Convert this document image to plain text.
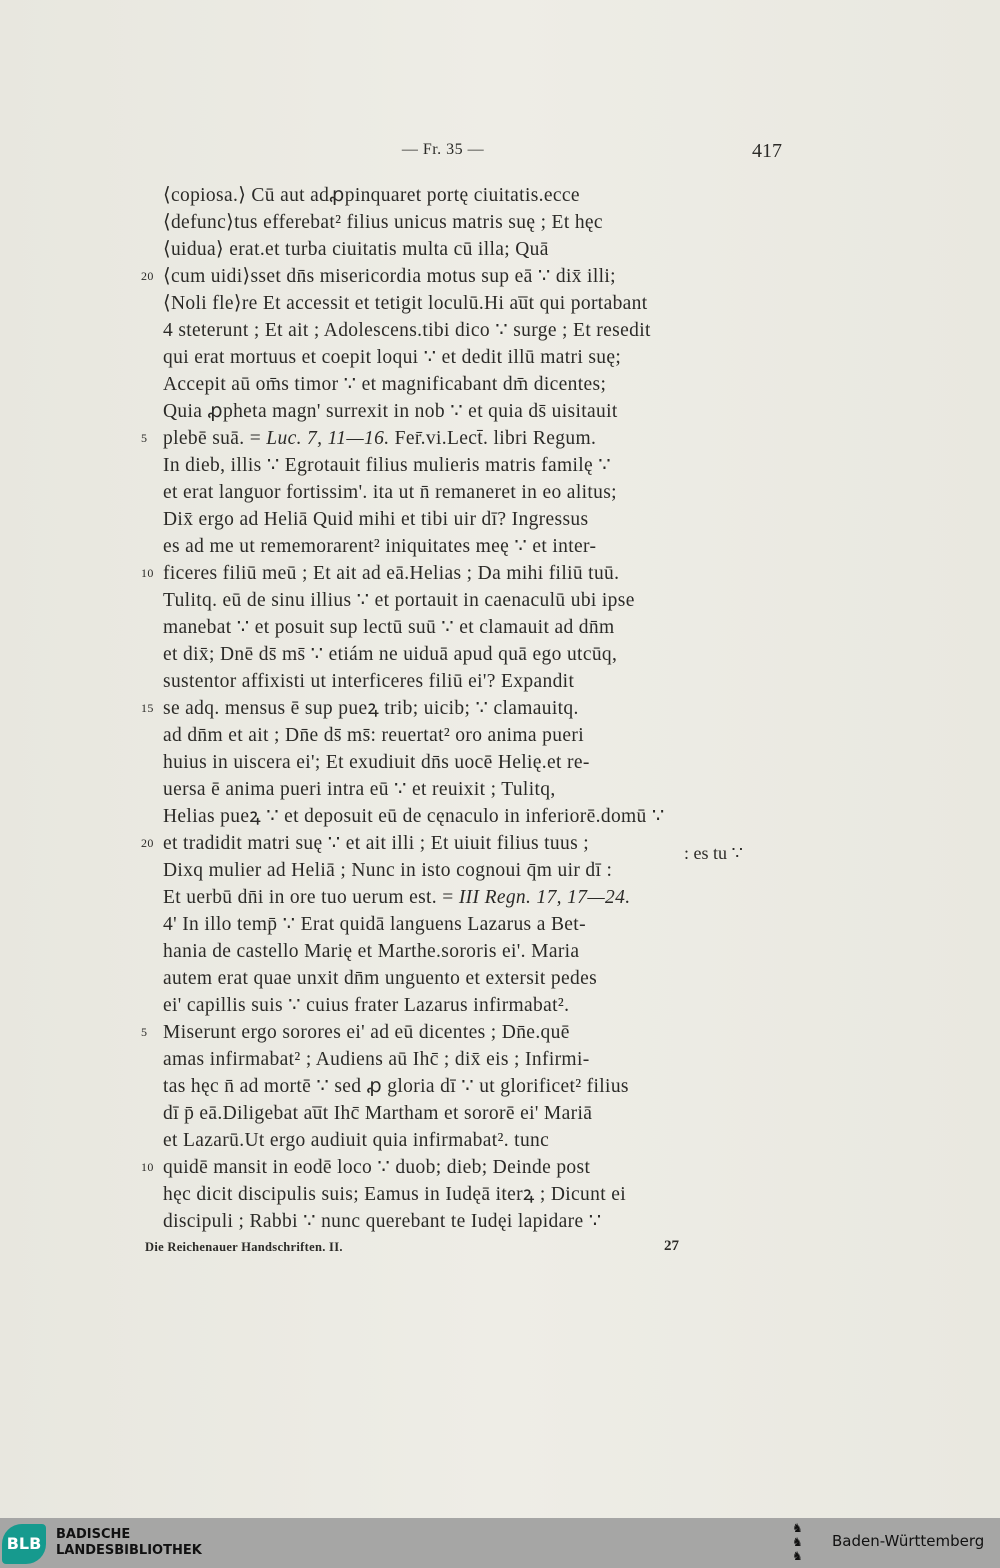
— Fr. 35 —	417
⟨copiosa.⟩ Cū aut adꝓpinquaret portę ciuitatis.ecce
⟨defunc⟩tus efferebat² filius unicus matris suę ; Et hęc
⟨uidua⟩ erat.et turba ciuitatis multa cū illa; Quā
20 ⟨cum uidi⟩sset dn̄s misericordia motus sup eā ∵ dix̄ illi;
⟨Noli fle⟩re Et accessit et tetigit loculū.Hi au̅t qui portabant
4 steterunt ; Et ait ; Adolescens.tibi dico ∵ surge ; Et resedit
qui erat mortuus et coepit loqui ∵ et dedit illū matri suę;
Accepit aū om̄s timor ∵ et magnificabant dm̄ dicentes;
Quia ꝓpheta magn' surrexit in nob ∵ et quia ds̄ uisitauit
5 plebē suā. = Luc. 7, 11—16. Fer̄.vi.Lect̄. libri Regum.
In dieb, illis ∵ Egrotauit filius mulieris matris familę ∵
et erat languor fortissim'. ita ut n̄ remaneret in eo alitus;
Dix̄ ergo ad Heliā Quid mihi et tibi uir dī? Ingressus
es ad me ut rememorarent² iniquitates meę ∵ et inter-
10 ficeres filiū meū ; Et ait ad eā.Helias ; Da mihi filiū tuū.
Tulitq. eū de sinu illius ∵ et portauit in caenaculū ubi ipse
manebat ∵ et posuit sup lectū suū ∵ et clamauit ad dn̄m
et dix̄; Dnē ds̄ ms̄ ∵ etiám ne uiduā apud quā ego utcūq,
sustentor affixisti ut interficeres filiū ei'? Expandit
15 se adq. mensus ē sup pueꝝ trib; uicib; ∵ clamauitq.
ad dn̄m et ait ; Dn̄e ds̄ ms̄: reuertat² oro anima pueri
huius in uiscera ei'; Et exudiuit dn̄s uocē Helię.et re-
uersa ē anima pueri intra eū ∵ et reuixit ; Tulitq,
Helias pueꝝ ∵ et deposuit eū de cęnaculo in inferiorē.domū ∵
20 et tradidit matri suę ∵ et ait illi ; Et uiuit filius tuus ;
Dixq mulier ad Heliā ; Nunc in isto cognoui q̄m uir dī :
Et uerbū dn̄i in ore tuo uerum est. = III Regn. 17, 17—24.
4' In illo temp̄ ∵ Erat quidā languens Lazarus a Bet-
hania de castello Marię et Marthe.sororis ei'. Maria
autem erat quae unxit dn̄m unguento et extersit pedes
ei' capillis suis ∵ cuius frater Lazarus infirmabat².
5 Miserunt ergo sorores ei' ad eū dicentes ; Dn̄e.quē
amas infirmabat² ; Audiens aū Ihc̄ ; dix̄ eis ; Infirmi-
tas hęc n̄ ad mortē ∵ sed ꝓ gloria dī ∵ ut glorificet² filius
dī p̄ eā.Diligebat au̅t Ihc̄ Martham et sororē ei' Mariā
et Lazarū.Ut ergo audiuit quia infirmabat². tunc
10 quidē mansit in eodē loco ∵ duob; dieb; Deinde post
hęc dicit discipulis suis; Eamus in Iudęā iterꝝ ; Dicunt ei
discipuli ; Rabbi ∵ nunc querebant te Iudęi lapidare ∵
: es tu ∵
Die Reichenauer Handschriften. II.	27
BLB	BADISCHE
LANDESBIBLIOTHEK
♞
♞
♞
Baden-Württemberg
